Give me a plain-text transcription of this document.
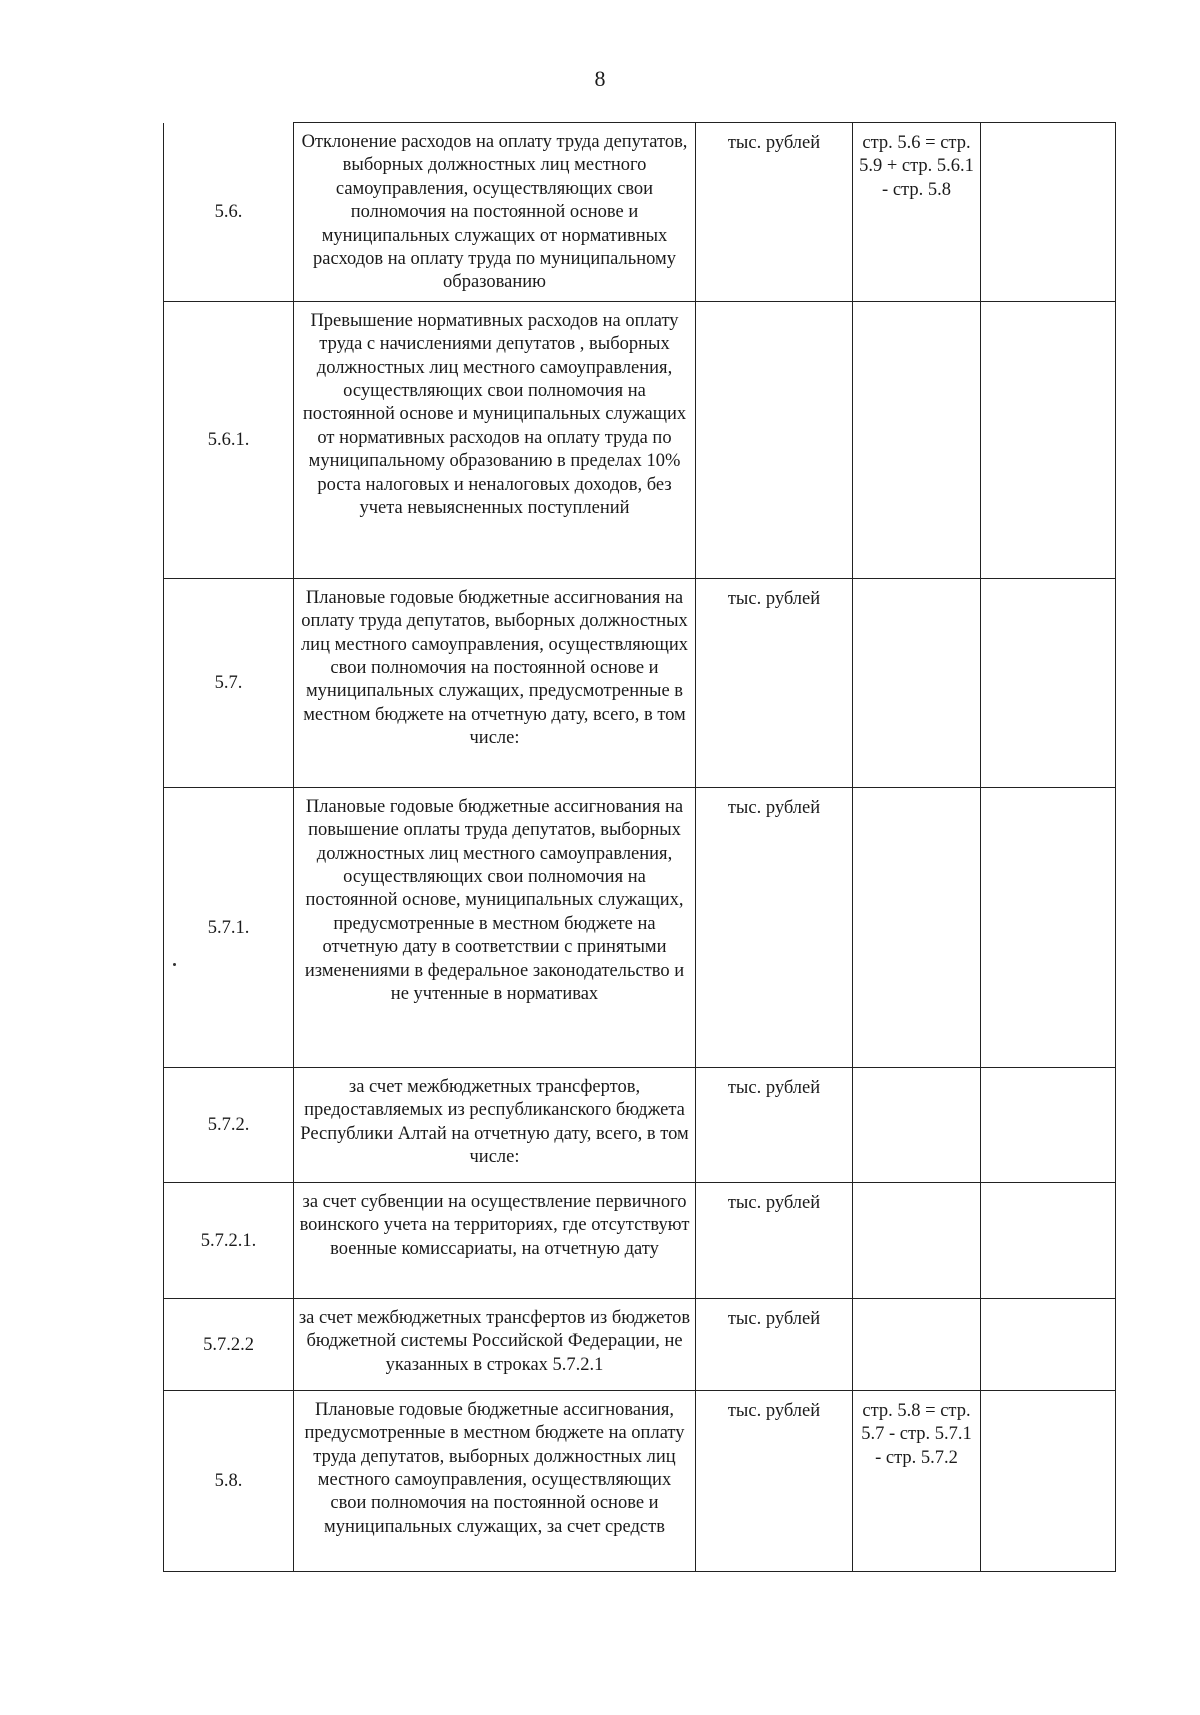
8
5.6.	Отклонение расходов на оплату труда депутатов, выборных должностных лиц местного самоуправления, осуществляющих свои полномочия на постоянной основе и муниципальных служащих от нормативных расходов на оплату труда по муниципальному образованию	тыс. рублей	стр. 5.6 = стр. 5.9 + стр. 5.6.1 - стр. 5.8	
5.6.1.	Превышение нормативных расходов на оплату труда с начислениями депутатов , выборных должностных лиц местного самоуправления, осуществляющих свои полномочия на постоянной основе и муниципальных служащих от нормативных расходов на оплату труда по муниципальному образованию в пределах 10% роста налоговых и неналоговых доходов, без учета невыясненных поступлений			
5.7.	Плановые годовые бюджетные ассигнования на оплату труда депутатов, выборных должностных лиц местного самоуправления, осуществляющих свои полномочия на постоянной основе и муниципальных служащих, предусмотренные в местном бюджете на отчетную дату, всего, в том числе:	тыс. рублей		
5.7.1.	Плановые годовые бюджетные ассигнования на повышение оплаты труда депутатов, выборных должностных лиц местного самоуправления, осуществляющих свои полномочия на постоянной основе, муниципальных служащих, предусмотренные в местном бюджете на отчетную дату в соответствии с принятыми изменениями в федеральное законодательство и не учтенные в нормативах	тыс. рублей		
5.7.2.	за счет межбюджетных трансфертов, предоставляемых из республиканского бюджета Республики Алтай на отчетную дату, всего, в том числе:	тыс. рублей		
5.7.2.1.	за счет субвенции на осуществление первичного воинского учета на территориях, где отсутствуют военные комиссариаты, на отчетную дату	тыс. рублей		
5.7.2.2	за счет межбюджетных трансфертов из бюджетов бюджетной системы Российской Федерации, не указанных в строках 5.7.2.1	тыс. рублей		
5.8.	Плановые годовые бюджетные ассигнования, предусмотренные в местном бюджете на оплату труда депутатов, выборных должностных лиц местного самоуправления, осуществляющих свои полномочия на постоянной основе и муниципальных служащих, за счет средств	тыс. рублей	стр. 5.8 = стр. 5.7 - стр. 5.7.1 - стр. 5.7.2	
